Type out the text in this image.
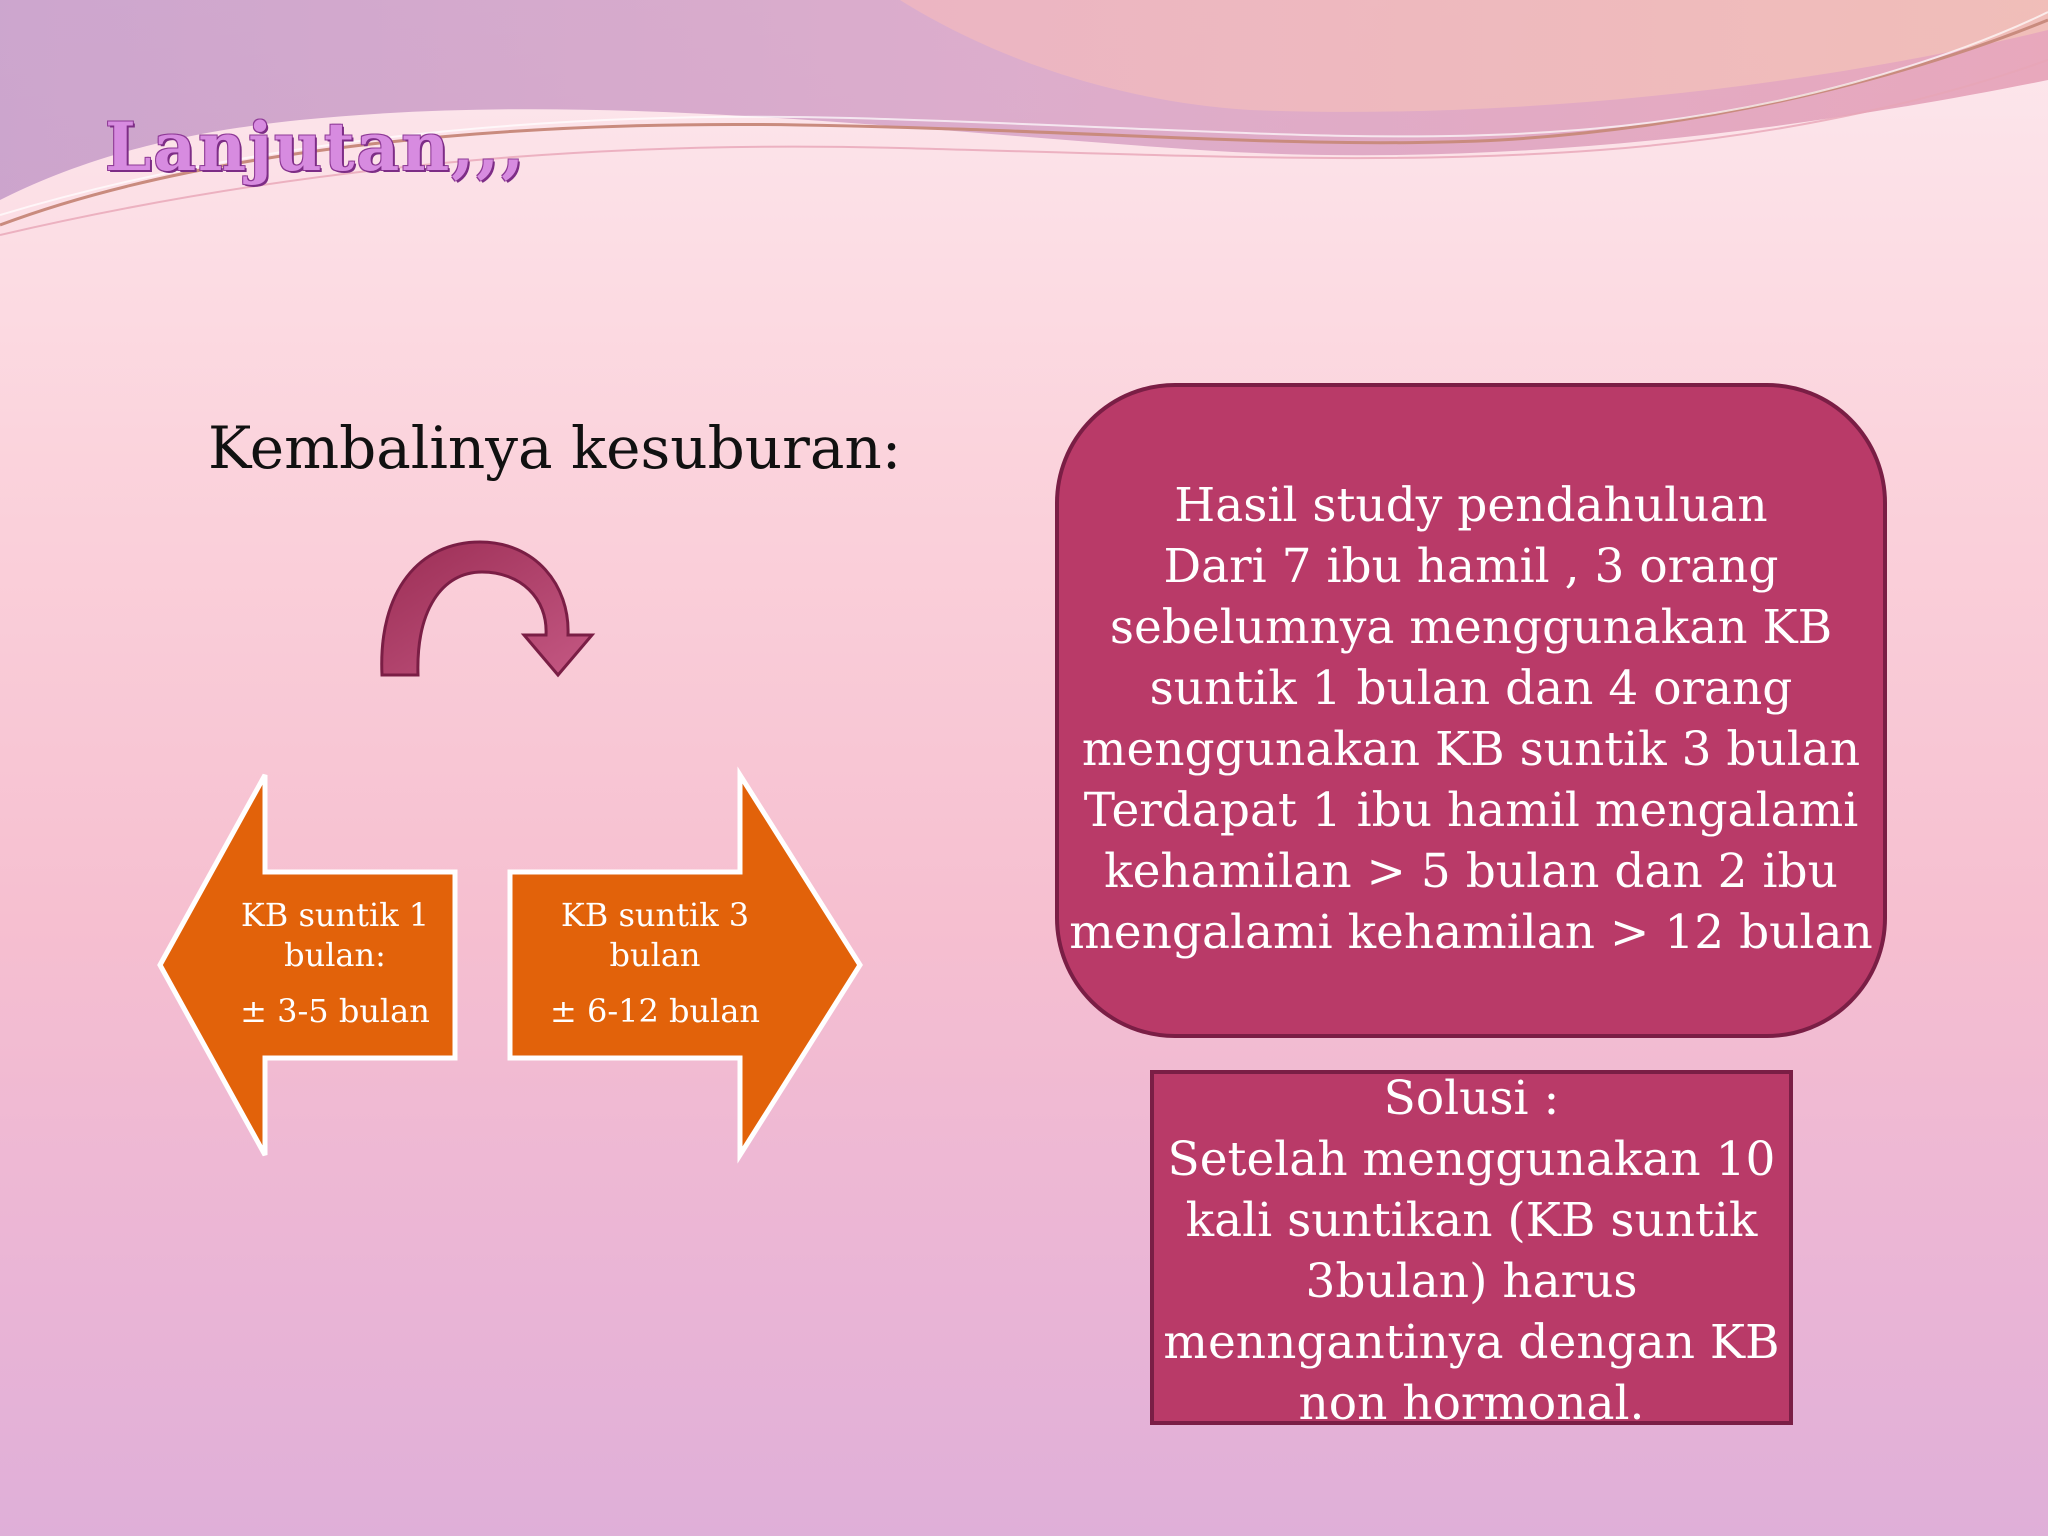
Lanjutan,,,
Kembalinya kesuburan:
KB suntik 1
bulan:
± 3-5 bulan
KB suntik 3
bulan
± 6-12 bulan
Hasil study pendahuluan
Dari 7 ibu hamil , 3 orang
sebelumnya menggunakan KB
suntik 1 bulan dan 4 orang
menggunakan KB suntik 3 bulan
Terdapat 1 ibu hamil mengalami
kehamilan > 5 bulan dan 2 ibu
mengalami kehamilan > 12 bulan
Solusi :
Setelah menggunakan 10
kali suntikan (KB suntik
3bulan) harus
menngantinya dengan KB
non hormonal.
